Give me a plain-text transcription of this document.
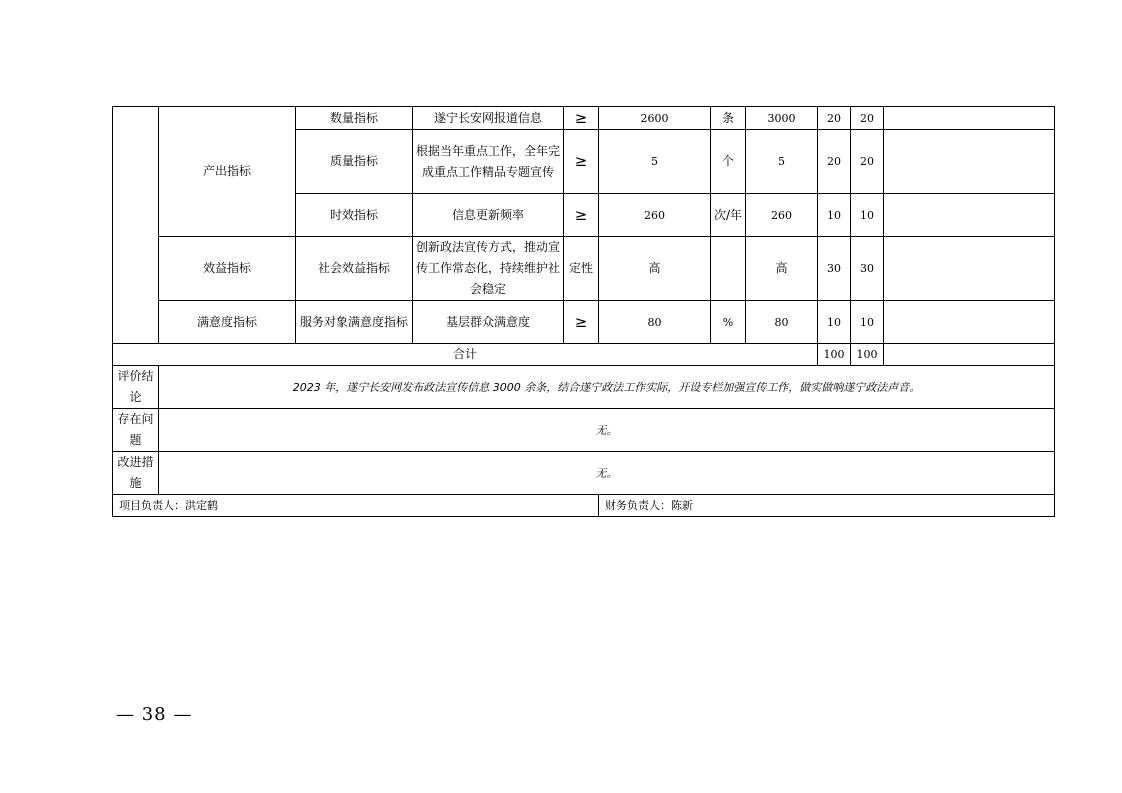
	产出指标	数量指标	遂宁长安网报道信息	≥	2600	条	3000	20	20	
		质量指标	根据当年重点工作，全年完成重点工作精品专题宣传	≥	5	个	5	20	20	
		时效指标	信息更新频率	≥	260	次/年	260	10	10	
	效益指标	社会效益指标	创新政法宣传方式，推动宣传工作常态化，持续维护社会稳定	定性	高		高	30	30	
	满意度指标	服务对象满意度指标	基层群众满意度	≥	80	%	80	10	10	

合计								100	100	
评价结论	2023 年，遂宁长安网发布政法宣传信息 3000 余条，结合遂宁政法工作实际，开设专栏加强宣传工作，做实做响遂宁政法声音。									
存在问题	无。									
改进措施	无。									
项目负责人：洪定鹤					财务负责人：陈新					
— 38 —
